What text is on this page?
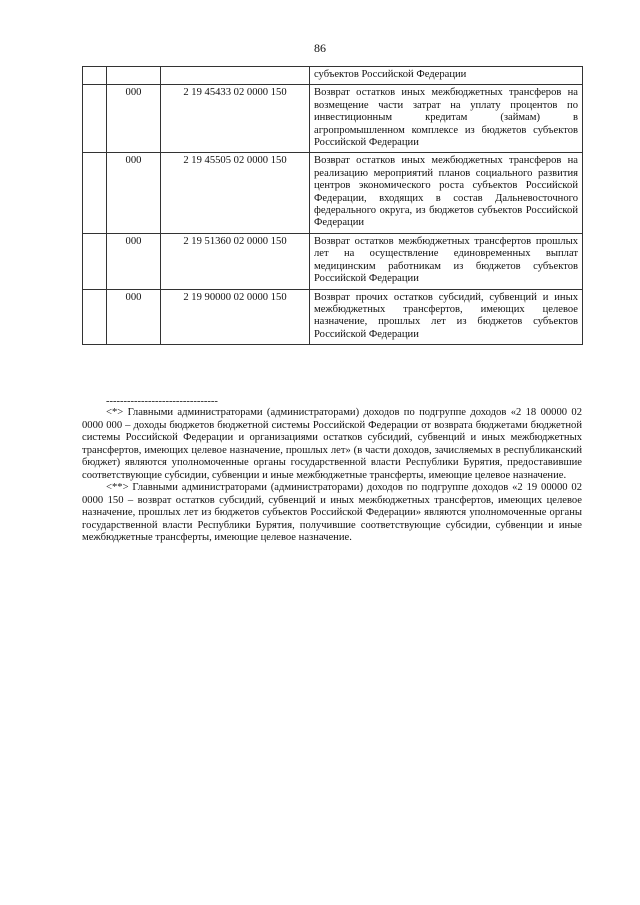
86
			субъектов Российской Федерации
	000	2 19 45433 02 0000 150	Возврат остатков иных межбюджетных трансферов на возмещение части затрат на уплату процентов по инвестиционным кредитам (займам) в агропромышленном комплексе из бюджетов субъектов Российской Федерации
	000	2 19 45505 02 0000 150	Возврат остатков иных межбюджетных трансферов на реализацию мероприятий планов социального развития центров экономического роста субъектов Российской Федерации, входящих в состав Дальневосточного федерального округа, из бюджетов субъектов Российской Федерации
	000	2 19 51360 02 0000 150	Возврат остатков межбюджетных трансфертов прошлых лет на осуществление единовременных выплат медицинским работникам из бюджетов субъектов Российской Федерации
	000	2 19 90000 02 0000 150	Возврат прочих остатков субсидий, субвенций и иных межбюджетных трансфертов, имеющих целевое назначение, прошлых лет из бюджетов субъектов Российской Федерации
--------------------------------

<*> Главными администраторами (администраторами) доходов по подгруппе доходов «2 18 00000 02 0000 000 – доходы бюджетов бюджетной системы Российской Федерации от возврата бюджетами бюджетной системы Российской Федерации и организациями остатков субсидий, субвенций и иных межбюджетных трансфертов, имеющих целевое назначение, прошлых лет» (в части доходов, зачисляемых в республиканский бюджет) являются уполномоченные органы государственной власти Республики Бурятия, предоставившие соответствующие субсидии, субвенции и иные межбюджетные трансферты, имеющие целевое назначение.

<**> Главными администраторами (администраторами) доходов по подгруппе доходов «2 19 00000 02 0000 150 – возврат остатков субсидий, субвенций и иных межбюджетных трансфертов, имеющих целевое назначение, прошлых лет из бюджетов субъектов Российской Федерации» являются уполномоченные органы государственной власти Республики Бурятия, получившие соответствующие субсидии, субвенции и иные межбюджетные трансферты, имеющие целевое назначение.
